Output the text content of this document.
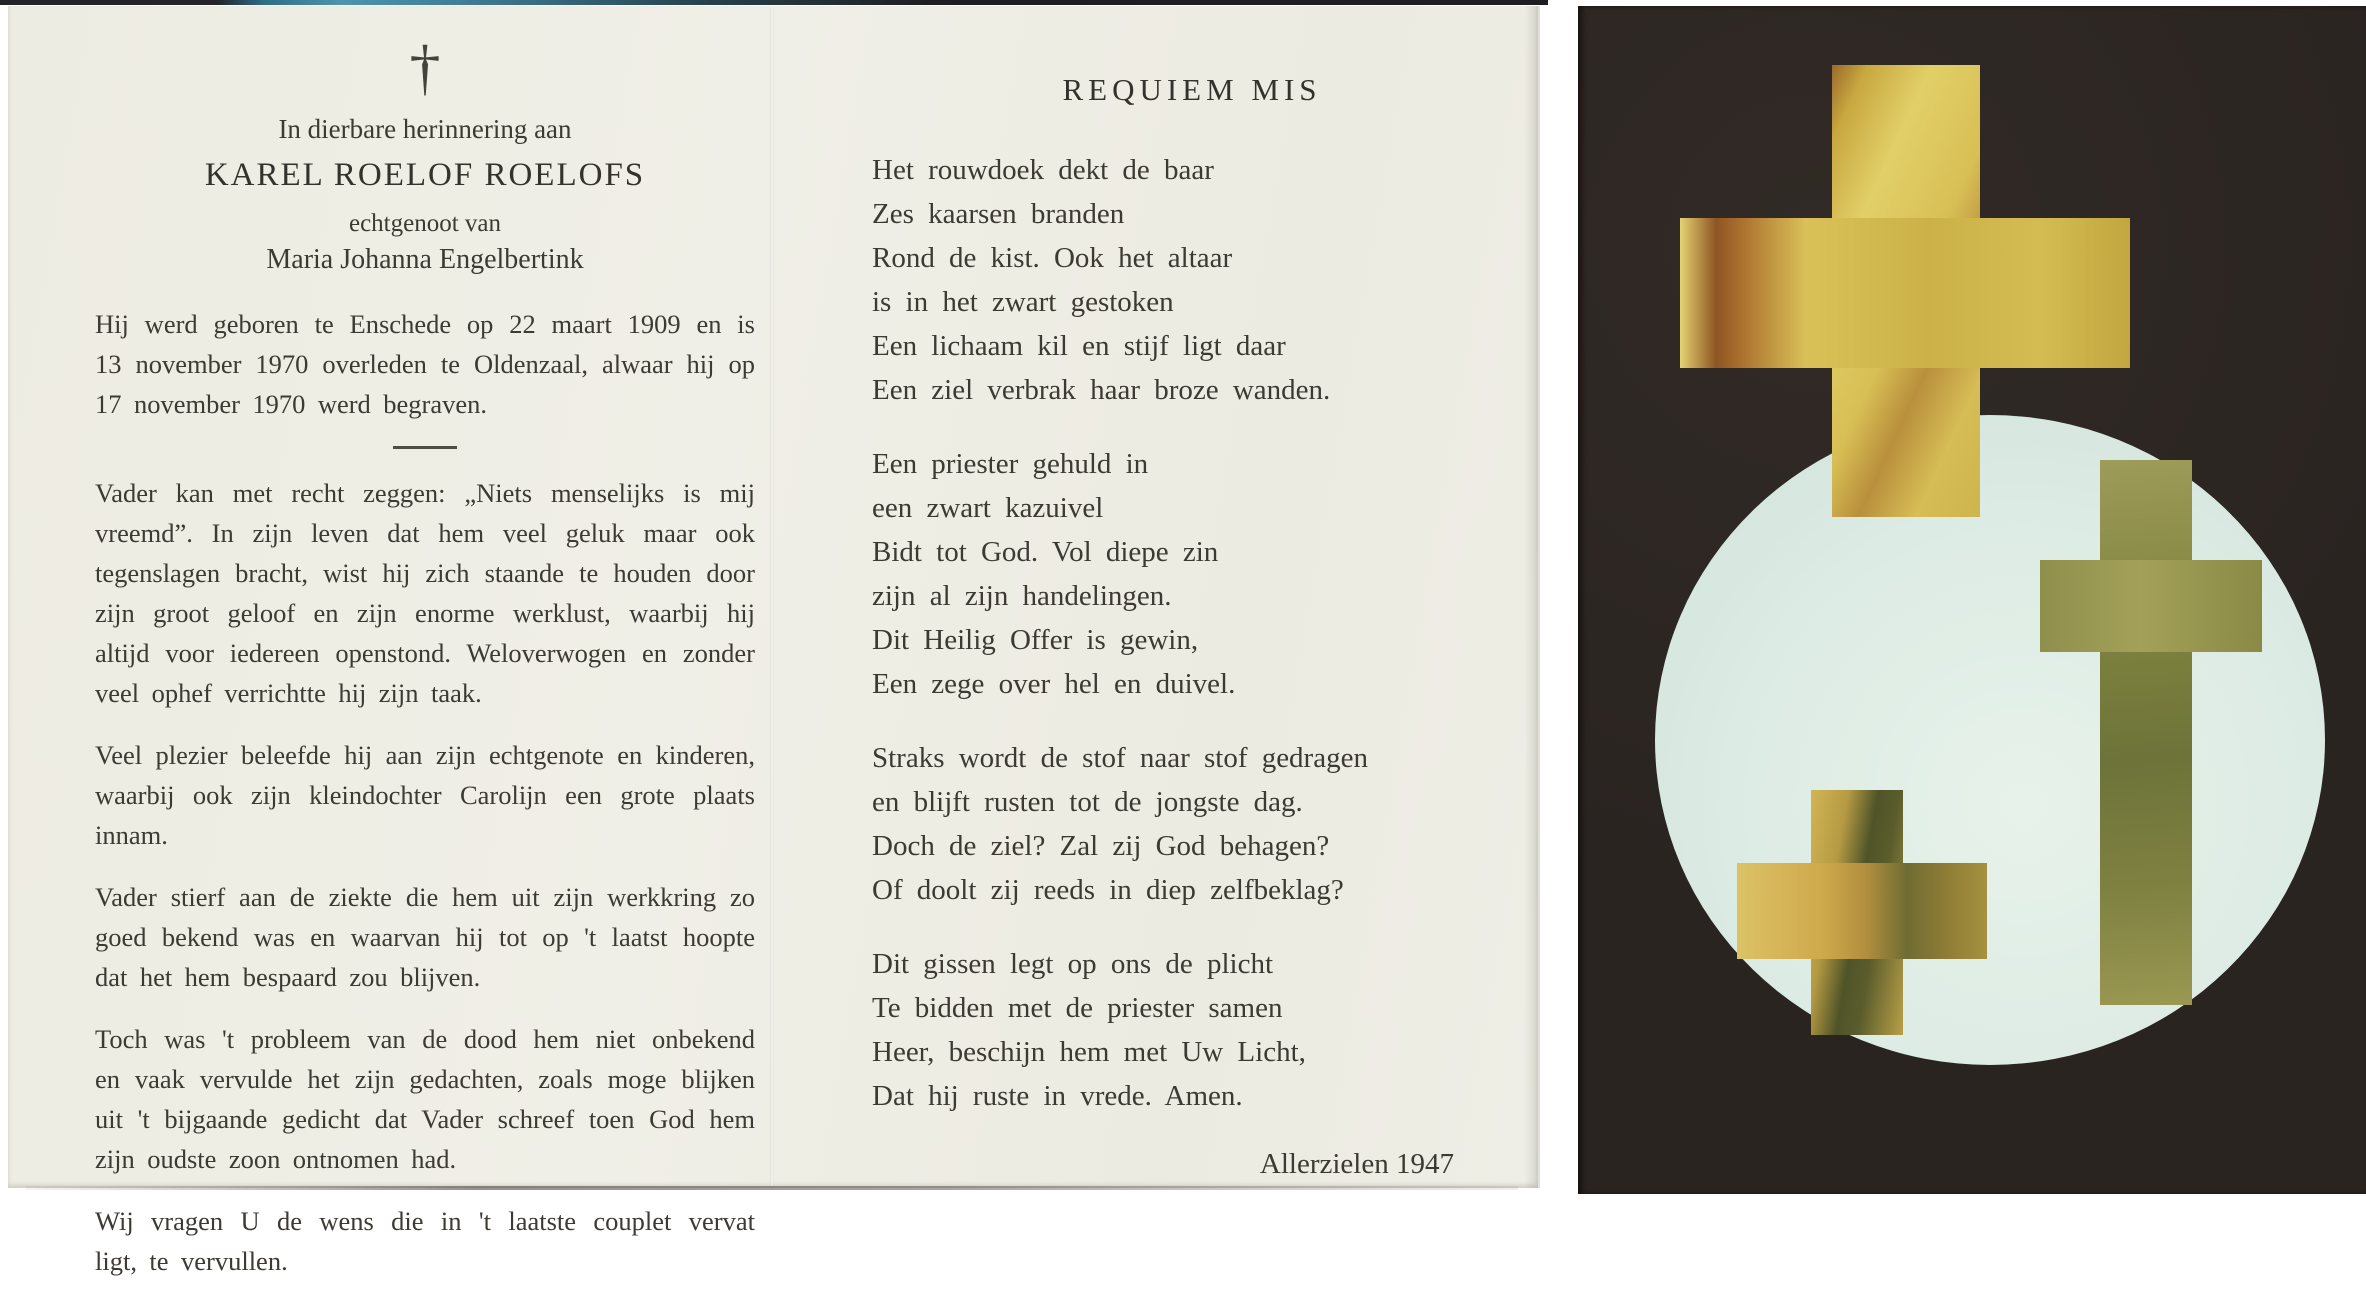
†
In dierbare herinnering aan
KAREL ROELOF ROELOFS
echtgenoot van
Maria Johanna Engelbertink

Hij werd geboren te Enschede op 22 maart 1909 en is 13 november 1970 overleden te Oldenzaal, alwaar hij op 17 november 1970 werd begraven.

Vader kan met recht zeggen: „Niets menselijks is mij vreemd”. In zijn leven dat hem veel geluk maar ook tegenslagen bracht, wist hij zich staande te houden door zijn groot geloof en zijn enorme werklust, waarbij hij altijd voor iedereen openstond. Weloverwogen en zonder veel ophef verrichtte hij zijn taak.

Veel plezier beleefde hij aan zijn echtgenote en kinderen, waarbij ook zijn kleindochter Carolijn een grote plaats innam.

Vader stierf aan de ziekte die hem uit zijn werkkring zo goed bekend was en waarvan hij tot op 't laatst hoopte dat het hem bespaard zou blijven.

Toch was 't probleem van de dood hem niet onbekend en vaak vervulde het zijn gedachten, zoals moge blijken uit 't bijgaande gedicht dat Vader schreef toen God hem zijn oudste zoon ontnomen had.

Wij vragen U de wens die in 't laatste couplet vervat ligt, te vervullen.

REQUIEM MIS
Het rouwdoek dekt de baar
Zes kaarsen branden
Rond de kist. Ook het altaar
is in het zwart gestoken
Een lichaam kil en stijf ligt daar
Een ziel verbrak haar broze wanden.
Een priester gehuld in
een zwart kazuivel
Bidt tot God. Vol diepe zin
zijn al zijn handelingen.
Dit Heilig Offer is gewin,
Een zege over hel en duivel.
Straks wordt de stof naar stof gedragen
en blijft rusten tot de jongste dag.
Doch de ziel? Zal zij God behagen?
Of doolt zij reeds in diep zelfbeklag?
Dit gissen legt op ons de plicht
Te bidden met de priester samen
Heer, beschijn hem met Uw Licht,
Dat hij ruste in vrede. Amen.
Allerzielen 1947
